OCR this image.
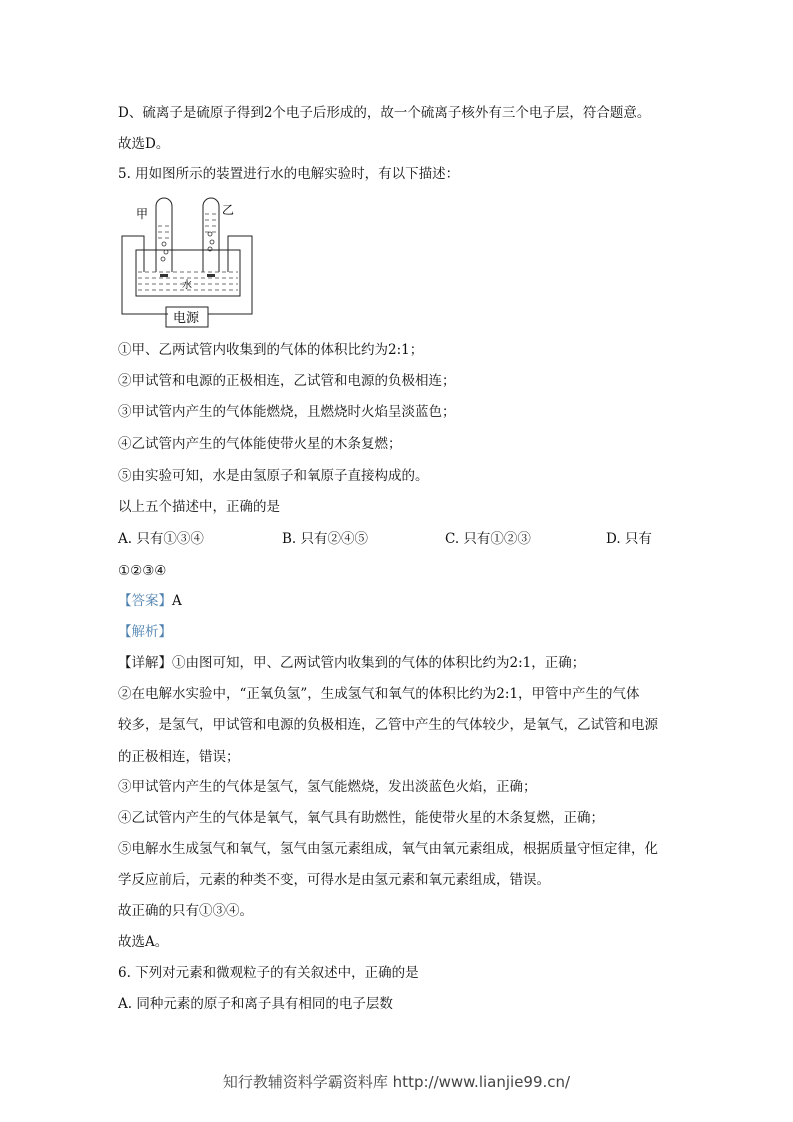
D、硫离子是硫原子得到2个电子后形成的，故一个硫离子核外有三个电子层，符合题意。
故选D。
5. 用如图所示的装置进行水的电解实验时，有以下描述：
甲	乙
水
电源
①甲、乙两试管内收集到的气体的体积比约为2:1；
②甲试管和电源的正极相连，乙试管和电源的负极相连；
③甲试管内产生的气体能燃烧，且燃烧时火焰呈淡蓝色；
④乙试管内产生的气体能使带火星的木条复燃；
⑤由实验可知，水是由氢原子和氧原子直接构成的。
以上五个描述中，正确的是
A. 只有①③④	B. 只有②④⑤	C. 只有①②③	D. 只有
①②③④
【答案】A
【解析】
【详解】①由图可知，甲、乙两试管内收集到的气体的体积比约为2:1，正确；
②在电解水实验中，“正氧负氢”，生成氢气和氧气的体积比约为2:1，甲管中产生的气体
较多，是氢气，甲试管和电源的负极相连，乙管中产生的气体较少，是氧气，乙试管和电源
的正极相连，错误；
③甲试管内产生的气体是氢气，氢气能燃烧，发出淡蓝色火焰，正确；
④乙试管内产生的气体是氧气，氧气具有助燃性，能使带火星的木条复燃，正确；
⑤电解水生成氢气和氧气，氢气由氢元素组成，氧气由氧元素组成，根据质量守恒定律，化
学反应前后，元素的种类不变，可得水是由氢元素和氧元素组成，错误。
故正确的只有①③④。
故选A。
6. 下列对元素和微观粒子的有关叙述中，正确的是
A. 同种元素的原子和离子具有相同的电子层数
知行教辅资料学霸资料库 http://www.lianjie99.cn/
